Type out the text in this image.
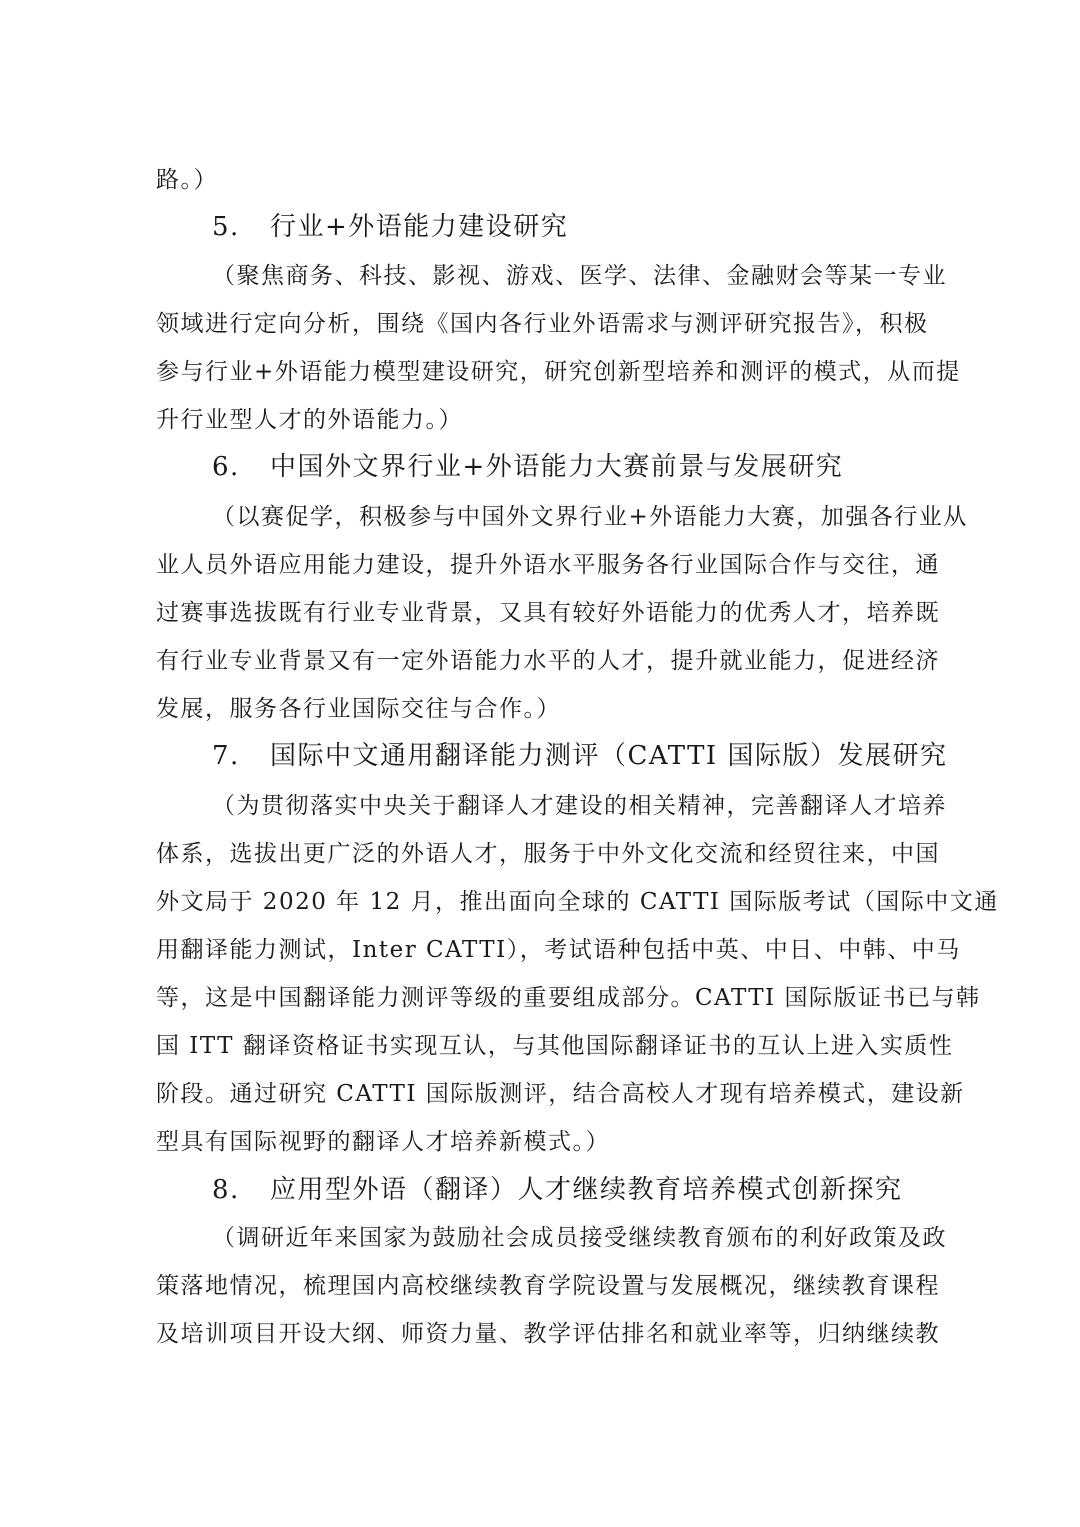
路。）
5. 行业+外语能力建设研究
（聚焦商务、科技、影视、游戏、医学、法律、金融财会等某一专业
领域进行定向分析，围绕《国内各行业外语需求与测评研究报告》，积极
参与行业+外语能力模型建设研究，研究创新型培养和测评的模式，从而提
升行业型人才的外语能力。）
6. 中国外文界行业+外语能力大赛前景与发展研究
（以赛促学，积极参与中国外文界行业+外语能力大赛，加强各行业从
业人员外语应用能力建设，提升外语水平服务各行业国际合作与交往，通
过赛事选拔既有行业专业背景，又具有较好外语能力的优秀人才，培养既
有行业专业背景又有一定外语能力水平的人才，提升就业能力，促进经济
发展，服务各行业国际交往与合作。）
7. 国际中文通用翻译能力测评（CATTI 国际版）发展研究
（为贯彻落实中央关于翻译人才建设的相关精神，完善翻译人才培养
体系，选拔出更广泛的外语人才，服务于中外文化交流和经贸往来，中国
外文局于 2020 年 12 月，推出面向全球的 CATTI 国际版考试（国际中文通
用翻译能力测试，Inter CATTI），考试语种包括中英、中日、中韩、中马
等，这是中国翻译能力测评等级的重要组成部分。CATTI 国际版证书已与韩
国 ITT 翻译资格证书实现互认，与其他国际翻译证书的互认上进入实质性
阶段。通过研究 CATTI 国际版测评，结合高校人才现有培养模式，建设新
型具有国际视野的翻译人才培养新模式。）
8. 应用型外语（翻译）人才继续教育培养模式创新探究
（调研近年来国家为鼓励社会成员接受继续教育颁布的利好政策及政
策落地情况，梳理国内高校继续教育学院设置与发展概况，继续教育课程
及培训项目开设大纲、师资力量、教学评估排名和就业率等，归纳继续教
